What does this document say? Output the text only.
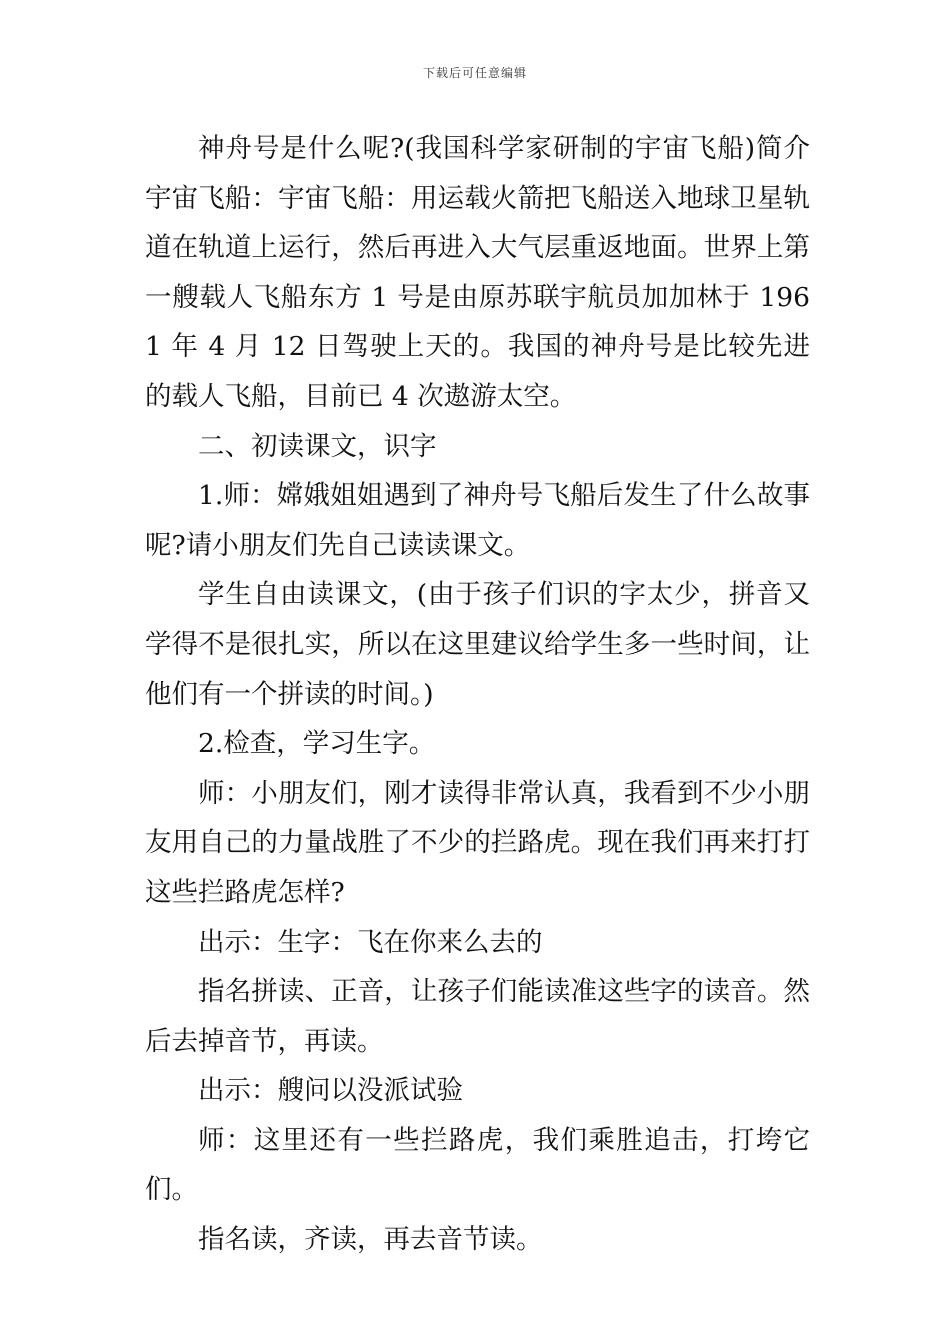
下载后可任意编辑

神舟号是什么呢?(我国科学家研制的宇宙飞船)简介宇宙飞船：宇宙飞船：用运载火箭把飞船送入地球卫星轨道在轨道上运行，然后再进入大气层重返地面。世界上第一艘载人飞船东方 1 号是由原苏联宇航员加加林于 1961 年 4 月 12 日驾驶上天的。我国的神舟号是比较先进的载人飞船，目前已 4 次遨游太空。

二、初读课文，识字

1.师：嫦娥姐姐遇到了神舟号飞船后发生了什么故事呢?请小朋友们先自己读读课文。

学生自由读课文，(由于孩子们识的字太少，拼音又学得不是很扎实，所以在这里建议给学生多一些时间，让他们有一个拼读的时间。)

2.检查，学习生字。

师：小朋友们，刚才读得非常认真，我看到不少小朋友用自己的力量战胜了不少的拦路虎。现在我们再来打打这些拦路虎怎样?

出示：生字：飞在你来么去的

指名拼读、正音，让孩子们能读准这些字的读音。然后去掉音节，再读。

出示：艘问以没派试验

师：这里还有一些拦路虎，我们乘胜追击，打垮它们。

指名读，齐读，再去音节读。
